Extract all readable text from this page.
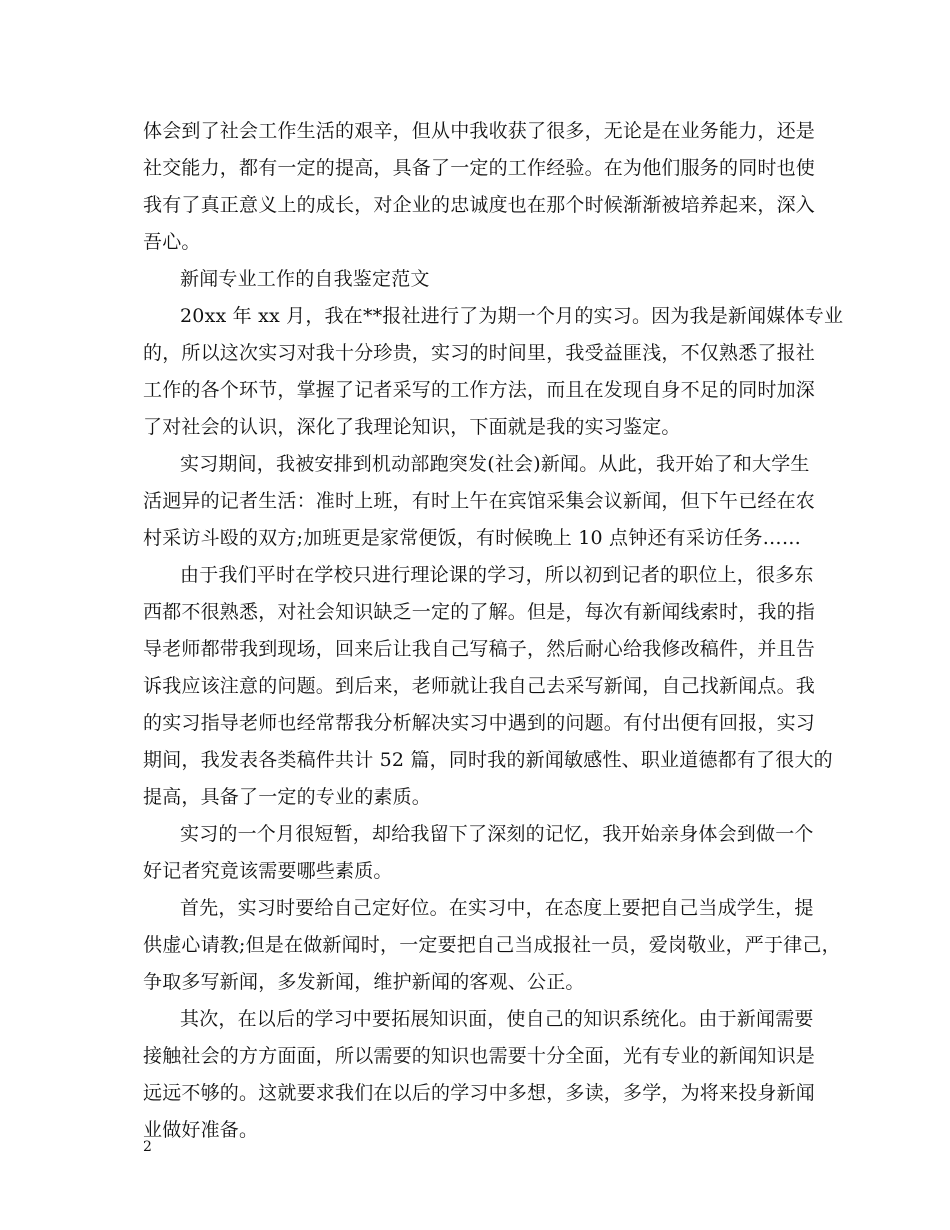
体会到了社会工作生活的艰辛，但从中我收获了很多，无论是在业务能力，还是
社交能力，都有一定的提高，具备了一定的工作经验。在为他们服务的同时也使
我有了真正意义上的成长，对企业的忠诚度也在那个时候渐渐被培养起来，深入
吾心。
新闻专业工作的自我鉴定范文
20xx 年 xx 月，我在**报社进行了为期一个月的实习。因为我是新闻媒体专业
的，所以这次实习对我十分珍贵，实习的时间里，我受益匪浅，不仅熟悉了报社
工作的各个环节，掌握了记者采写的工作方法，而且在发现自身不足的同时加深
了对社会的认识，深化了我理论知识，下面就是我的实习鉴定。
实习期间，我被安排到机动部跑突发(社会)新闻。从此，我开始了和大学生
活迥异的记者生活：准时上班，有时上午在宾馆采集会议新闻，但下午已经在农
村采访斗殴的双方;加班更是家常便饭，有时候晚上 10 点钟还有采访任务……
由于我们平时在学校只进行理论课的学习，所以初到记者的职位上，很多东
西都不很熟悉，对社会知识缺乏一定的了解。但是，每次有新闻线索时，我的指
导老师都带我到现场，回来后让我自己写稿子，然后耐心给我修改稿件，并且告
诉我应该注意的问题。到后来，老师就让我自己去采写新闻，自己找新闻点。我
的实习指导老师也经常帮我分析解决实习中遇到的问题。有付出便有回报，实习
期间，我发表各类稿件共计 52 篇，同时我的新闻敏感性、职业道德都有了很大的
提高，具备了一定的专业的素质。
实习的一个月很短暂，却给我留下了深刻的记忆，我开始亲身体会到做一个
好记者究竟该需要哪些素质。
首先，实习时要给自己定好位。在实习中，在态度上要把自己当成学生，提
供虚心请教;但是在做新闻时，一定要把自己当成报社一员，爱岗敬业，严于律己，
争取多写新闻，多发新闻，维护新闻的客观、公正。
其次，在以后的学习中要拓展知识面，使自己的知识系统化。由于新闻需要
接触社会的方方面面，所以需要的知识也需要十分全面，光有专业的新闻知识是
远远不够的。这就要求我们在以后的学习中多想，多读，多学，为将来投身新闻
业做好准备。
2
